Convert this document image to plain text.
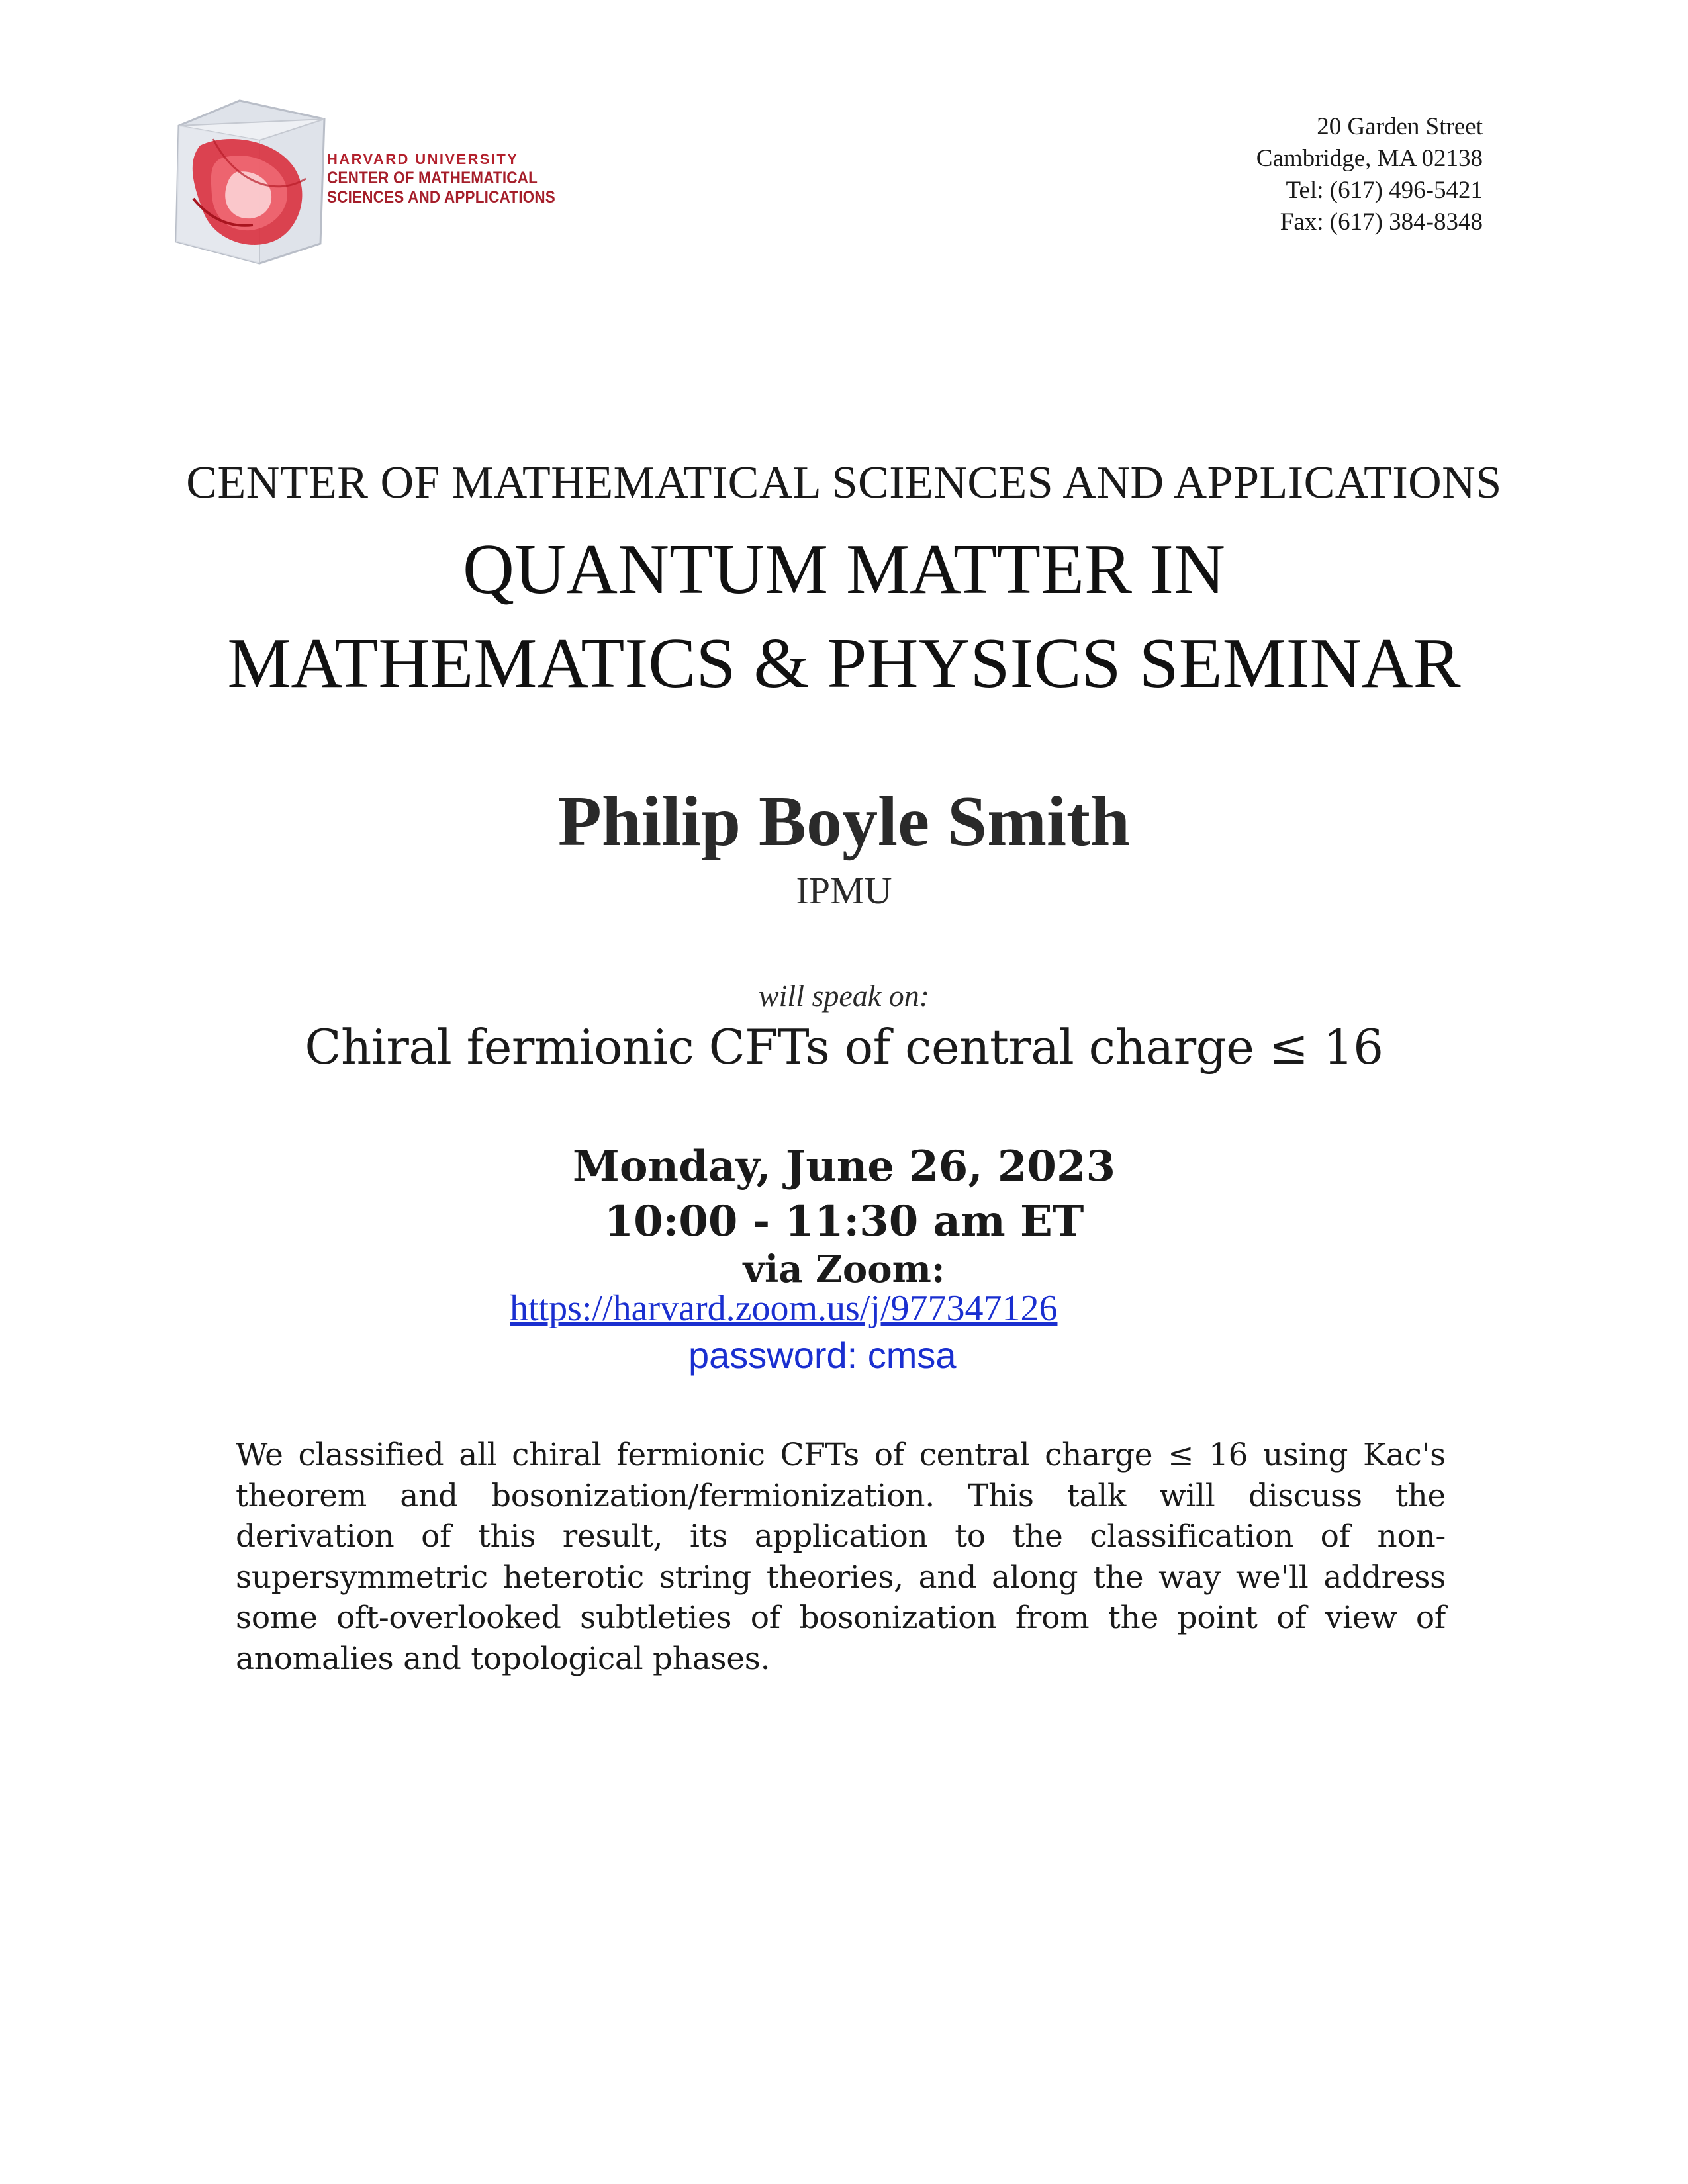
HARVARD UNIVERSITY
CENTER OF MATHEMATICAL
SCIENCES AND APPLICATIONS
20 Garden Street
Cambridge, MA 02138
Tel: (617) 496-5421
Fax: (617) 384-8348
CENTER OF MATHEMATICAL SCIENCES AND APPLICATIONS
QUANTUM MATTER IN
MATHEMATICS & PHYSICS SEMINAR
Philip Boyle Smith
IPMU
will speak on:
Chiral fermionic CFTs of central charge ≤ 16
Monday, June 26, 2023
10:00 - 11:30 am ET
via Zoom:
https://harvard.zoom.us/j/977347126
password: cmsa
We classified all chiral fermionic CFTs of central charge ≤ 16 using Kac's theorem and bosonization/fermionization. This talk will discuss the derivation of this result, its application to the classification of non-supersymmetric heterotic string theories, and along the way we'll address some oft-overlooked subtleties of bosonization from the point of view of anomalies and topological phases.
